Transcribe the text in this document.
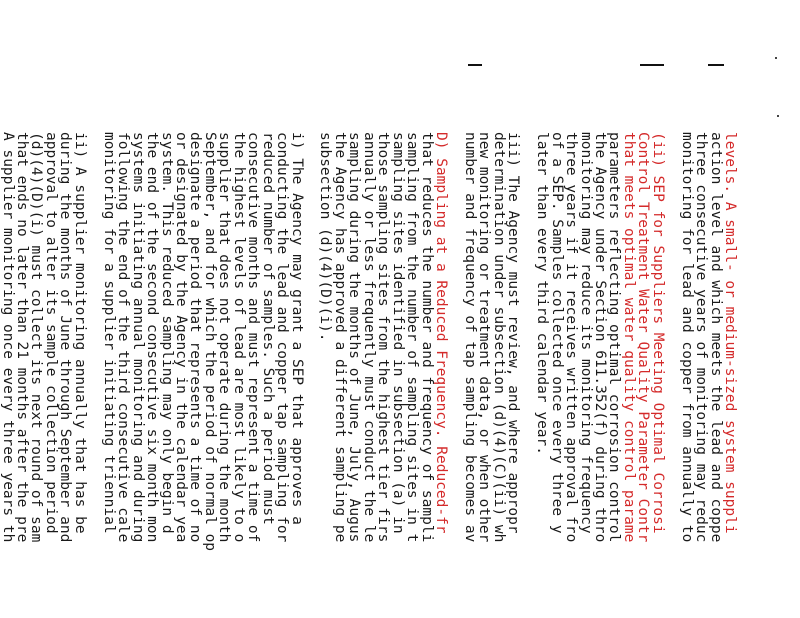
levels. A small- or medium-sized system suppli
action level and which meets the lead and coppe
three consecutive years of monitoring may reduc
monitoring for lead and copper from annually to
(ii) SEP for Suppliers Meeting Optimal Corrosi
Control Treatment Water Quality Parameter Contr
that meets optimal water quality control parame
parameters reflecting optimal corrosion control
the Agency under Section 611.352(f) during thro
monitoring may reduce its monitoring frequency
three years if it receives written approval fro
of a SEP. Samples collected once every three y
later than every third calendar year.
iii) The Agency must review, and where appropr
determination under subsection (d)(4)(C)(ii) wh
new monitoring or treatment data, or when other
number and frequency of tap sampling becomes av
D) Sampling at a Reduced Frequency. Reduced-fr
that reduces the number and frequency of sampli
sampling from the number of sampling sites in t
sampling sites identified in subsection (a) in
those sampling sites from the highest tier firs
annually or less frequently must conduct the le
sampling during the months of June, July, Augus
the Agency has approved a different sampling pe
subsection (d)(4)(D)(i).
i) The Agency may grant a SEP that approves a
conducting the lead and copper tap sampling for
reduced number of samples. Such a period must
consecutive months and must represent a time of
the highest levels of lead are most likely to o
supplier that does not operate during the month
September, and for which the period of normal op
designate a period that represents a time of no
or designated by the Agency in the calendar yea
system. This reduced sampling may only begin d
the end of the second consecutive six month mon
systems initiating annual monitoring and during
following the end of the third consecutive cale
monitoring for a supplier initiating triennial
ii) A supplier monitoring annually that has be
during the months of June through September and
approval to alter its sample collection period
(d)(4)(D)(i) must collect its next round of sam
that ends no later than 21 months after the pre
A supplier monitoring once every three years th
